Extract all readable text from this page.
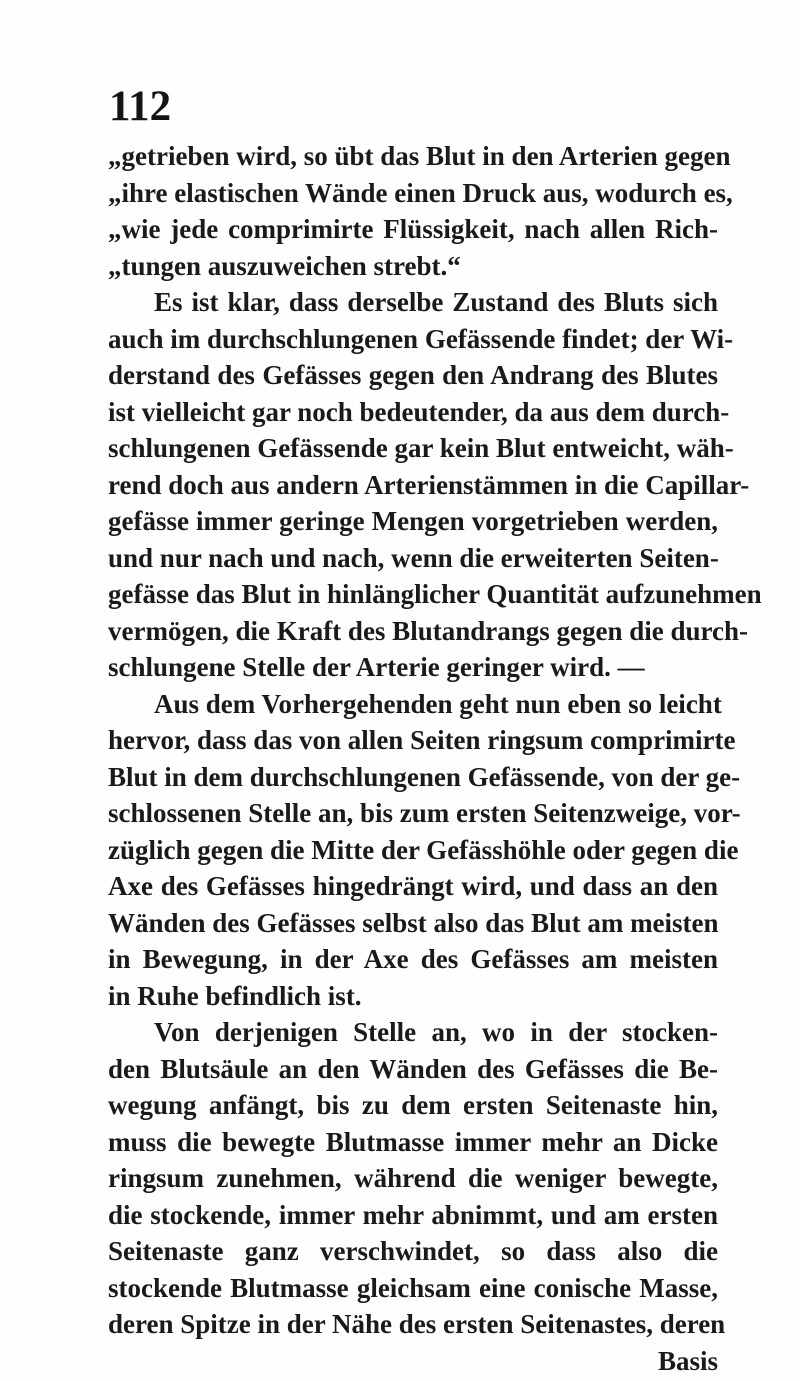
112
„getrieben wird, so übt das Blut in den Arterien gegen
„ihre elastischen Wände einen Druck aus, wodurch es,
„wie jede comprimirte Flüssigkeit, nach allen Rich-
„tungen auszuweichen strebt.“
Es ist klar, dass derselbe Zustand des Bluts sich
auch im durchschlungenen Gefässende findet; der Wi-
derstand des Gefässes gegen den Andrang des Blutes
ist vielleicht gar noch bedeutender, da aus dem durch-
schlungenen Gefässende gar kein Blut entweicht, wäh-
rend doch aus andern Arterienstämmen in die Capillar-
gefässe immer geringe Mengen vorgetrieben werden,
und nur nach und nach, wenn die erweiterten Seiten-
gefässe das Blut in hinlänglicher Quantität aufzunehmen
vermögen, die Kraft des Blutandrangs gegen die durch-
schlungene Stelle der Arterie geringer wird. —
Aus dem Vorhergehenden geht nun eben so leicht
hervor, dass das von allen Seiten ringsum comprimirte
Blut in dem durchschlungenen Gefässende, von der ge-
schlossenen Stelle an, bis zum ersten Seitenzweige, vor-
züglich gegen die Mitte der Gefässhöhle oder gegen die
Axe des Gefässes hingedrängt wird, und dass an den
Wänden des Gefässes selbst also das Blut am meisten
in Bewegung, in der Axe des Gefässes am meisten
in Ruhe befindlich ist.
Von derjenigen Stelle an, wo in der stocken-
den Blutsäule an den Wänden des Gefässes die Be-
wegung anfängt, bis zu dem ersten Seitenaste hin,
muss die bewegte Blutmasse immer mehr an Dicke
ringsum zunehmen, während die weniger bewegte,
die stockende, immer mehr abnimmt, und am ersten
Seitenaste ganz verschwindet, so dass also die
stockende Blutmasse gleichsam eine conische Masse,
deren Spitze in der Nähe des ersten Seitenastes, deren
Basis
